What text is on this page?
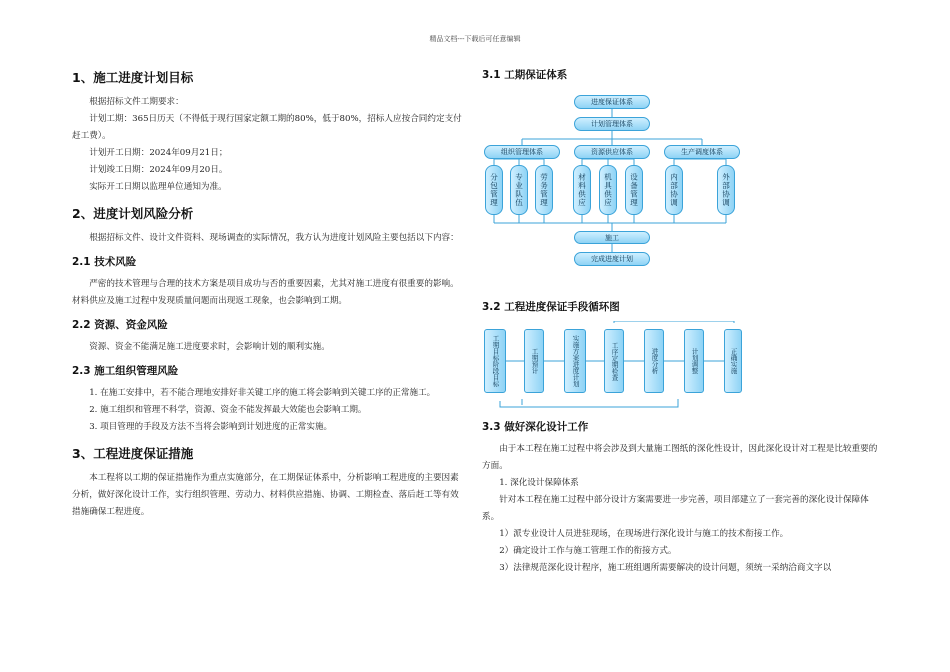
精品文档---下载后可任意编辑
1、施工进度计划目标

根据招标文件工期要求：

计划工期：365日历天（不得低于现行国家定额工期的80%，低于80%，招标人应按合同约定支付赶工费）。

计划开工日期：2024年09月21日；

计划竣工日期：2024年09月20日。

实际开工日期以监理单位通知为准。

2、进度计划风险分析

根据招标文件、设计文件资料、现场调查的实际情况，我方认为进度计划风险主要包括以下内容：

2.1 技术风险

严密的技术管理与合理的技术方案是项目成功与否的重要因素，尤其对施工进度有很重要的影响。材料供应及施工过程中发现质量问题而出现返工现象，也会影响到工期。

2.2 资源、资金风险

资源、资金不能满足施工进度要求时，会影响计划的顺利实施。

2.3 施工组织管理风险

1. 在施工安排中，若不能合理地安排好非关键工序的施工将会影响到关键工序的正常施工。

2. 施工组织和管理不科学，资源、资金不能发挥最大效能也会影响工期。

3. 项目管理的手段及方法不当将会影响到计划进度的正常实施。

3、工程进度保证措施

本工程将以工期的保证措施作为重点实施部分，在工期保证体系中，分析影响工程进度的主要因素分析，做好深化设计工作，实行组织管理、劳动力、材料供应措施、协调、工期检查、落后赶工等有效措施确保工程进度。

3.1 工期保证体系
进度保证体系
计划管理体系
组织管理体系	资源供应体系	生产调度体系
分包管理	专业队伍	劳务管理	材料供应	机具供应	设备管理	内部协调	外部协调
施工
完成进度计划
3.2 工程进度保证手段循环图
工期目标阶段目标	工期预计	实施方案进度计划	工序定期检查	进度分析	计划调整	正确实施
3.3 做好深化设计工作

由于本工程在施工过程中将会涉及到大量施工图纸的深化性设计，因此深化设计对工程是比较重要的方面。

1. 深化设计保障体系

针对本工程在施工过程中部分设计方案需要进一步完善，项目部建立了一套完善的深化设计保障体系。

1）派专业设计人员进驻现场，在现场进行深化设计与施工的技术衔接工作。

2）确定设计工作与施工管理工作的衔接方式。

3）法律规范深化设计程序，施工班组遇所需要解决的设计问题，须统一采纳洽商文字以
